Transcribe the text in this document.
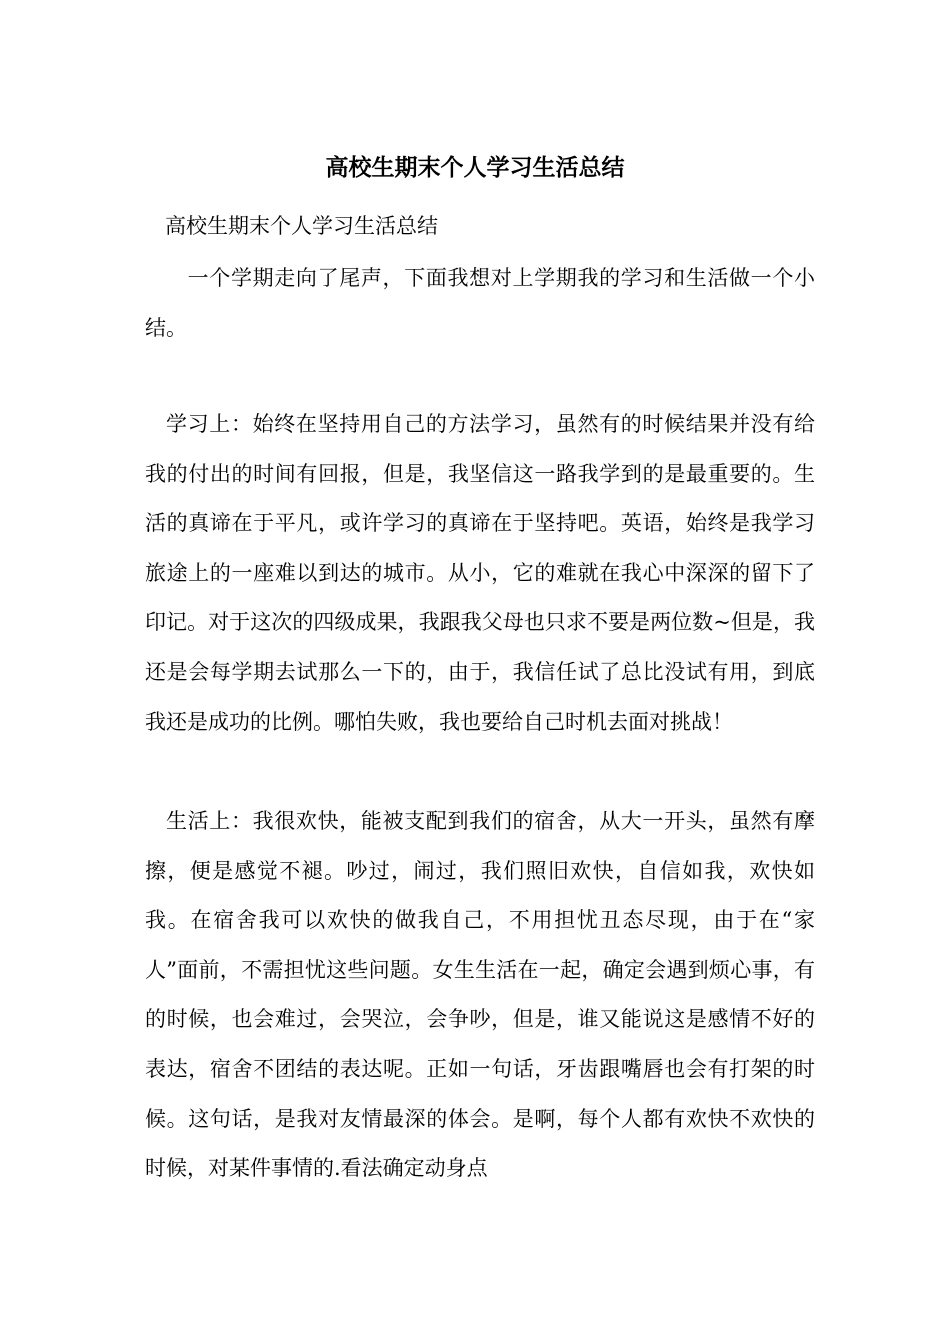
高校生期末个人学习生活总结
高校生期末个人学习生活总结
　一个学期走向了尾声，下面我想对上学期我的学习和生活做一个小结。
学习上：始终在坚持用自己的方法学习，虽然有的时候结果并没有给我的付出的时间有回报，但是，我坚信这一路我学到的是最重要的。生活的真谛在于平凡，或许学习的真谛在于坚持吧。英语，始终是我学习旅途上的一座难以到达的城市。从小，它的难就在我心中深深的留下了印记。对于这次的四级成果，我跟我父母也只求不要是两位数~但是，我还是会每学期去试那么一下的，由于，我信任试了总比没试有用，到底我还是成功的比例。哪怕失败，我也要给自己时机去面对挑战！
生活上：我很欢快，能被支配到我们的宿舍，从大一开头，虽然有摩擦，便是感觉不褪。吵过，闹过，我们照旧欢快，自信如我，欢快如我。在宿舍我可以欢快的做我自己，不用担忧丑态尽现，由于在“家人”面前，不需担忧这些问题。女生生活在一起，确定会遇到烦心事，有的时候，也会难过，会哭泣，会争吵，但是，谁又能说这是感情不好的表达，宿舍不团结的表达呢。正如一句话，牙齿跟嘴唇也会有打架的时候。这句话，是我对友情最深的体会。是啊，每个人都有欢快不欢快的时候，对某件事情的.看法确定动身点
